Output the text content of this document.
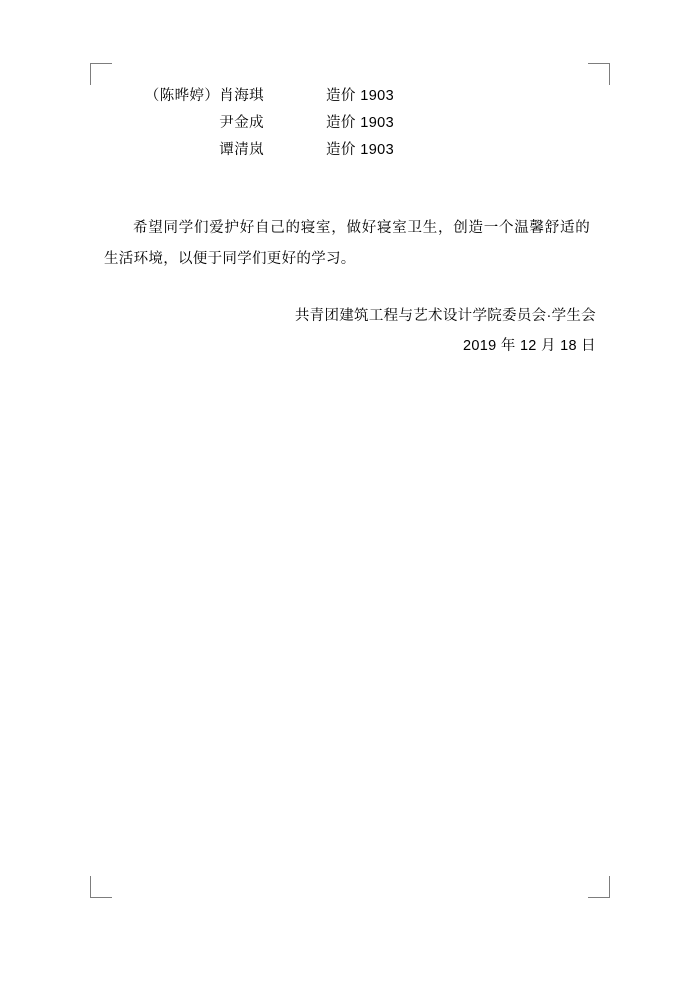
（陈晔婷）肖海琪	造价 1903
尹金成	造价 1903
谭清岚	造价 1903

希望同学们爱护好自己的寝室，做好寝室卫生，创造一个温馨舒适的生活环境，以便于同学们更好的学习。

共青团建筑工程与艺术设计学院委员会·学生会
2019 年 12 月 18 日
